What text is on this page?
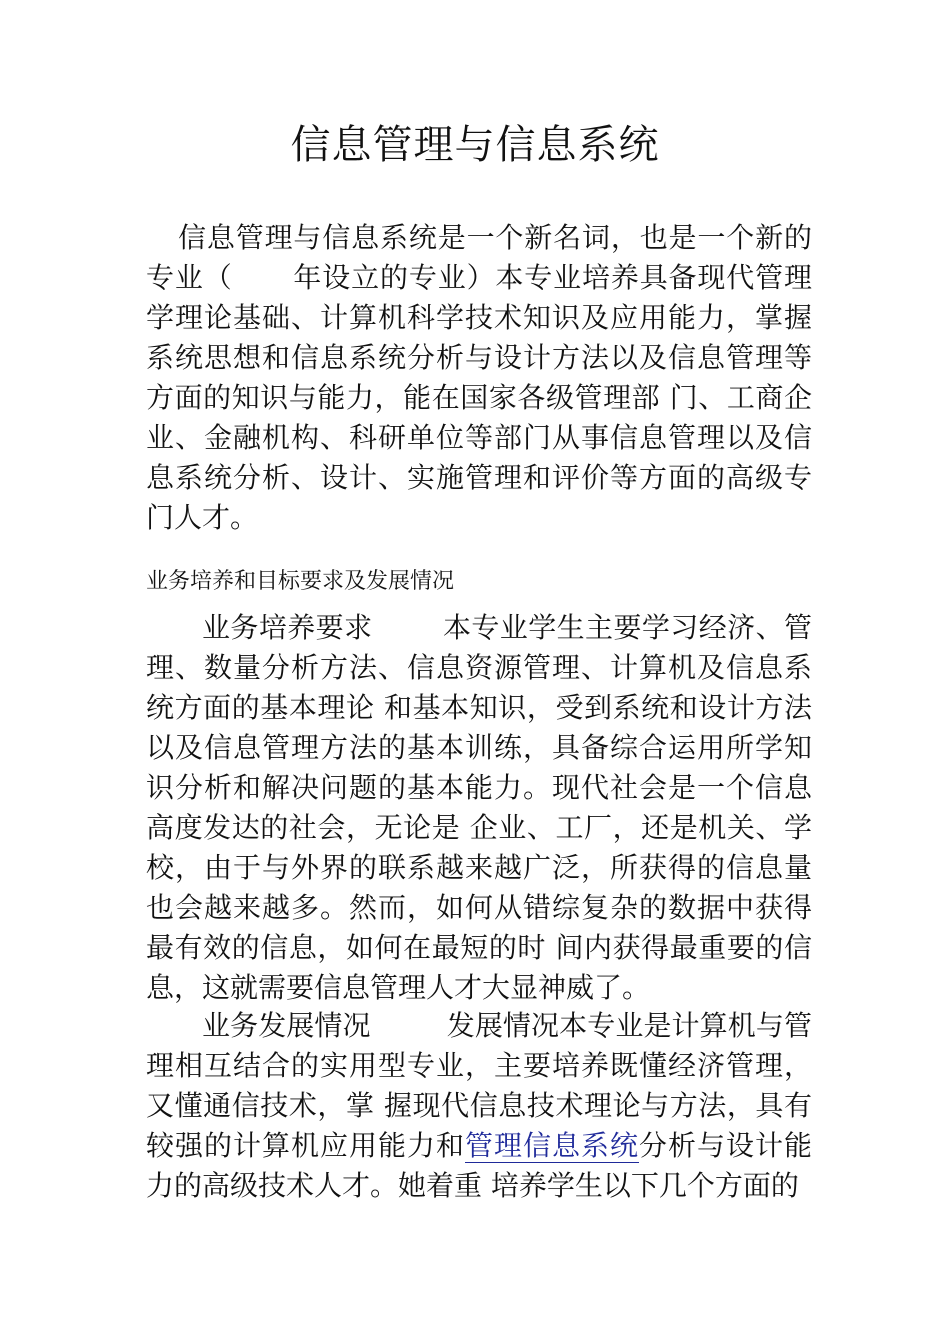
信息管理与信息系统

信息管理与信息系统是一个新名词，也是一个新的专业（ 年设立的专业）本专业培养具备现代管理学理论基础、计算机科学技术知识及应用能力，掌握系统思想和信息系统分析与设计方法以及信息管理等方面的知识与能力，能在国家各级管理部 门、工商企业、金融机构、科研单位等部门从事信息管理以及信息系统分析、设计、实施管理和评价等方面的高级专门人才。

业务培养和目标要求及发展情况

业务培养要求	本专业学生主要学习经济、管理、数量分析方法、信息资源管理、计算机及信息系统方面的基本理论 和基本知识，受到系统和设计方法以及信息管理方法的基本训练，具备综合运用所学知识分析和解决问题的基本能力。现代社会是一个信息高度发达的社会，无论是 企业、工厂，还是机关、学校，由于与外界的联系越来越广泛，所获得的信息量也会越来越多。然而，如何从错综复杂的数据中获得最有效的信息，如何在最短的时 间内获得最重要的信息，这就需要信息管理人才大显神威了。

业务发展情况	发展情况本专业是计算机与管理相互结合的实用型专业，主要培养既懂经济管理，又懂通信技术，掌 握现代信息技术理论与方法，具有较强的计算机应用能力和管理信息系统分析与设计能力的高级技术人才。她着重 培养学生以下几个方面的
